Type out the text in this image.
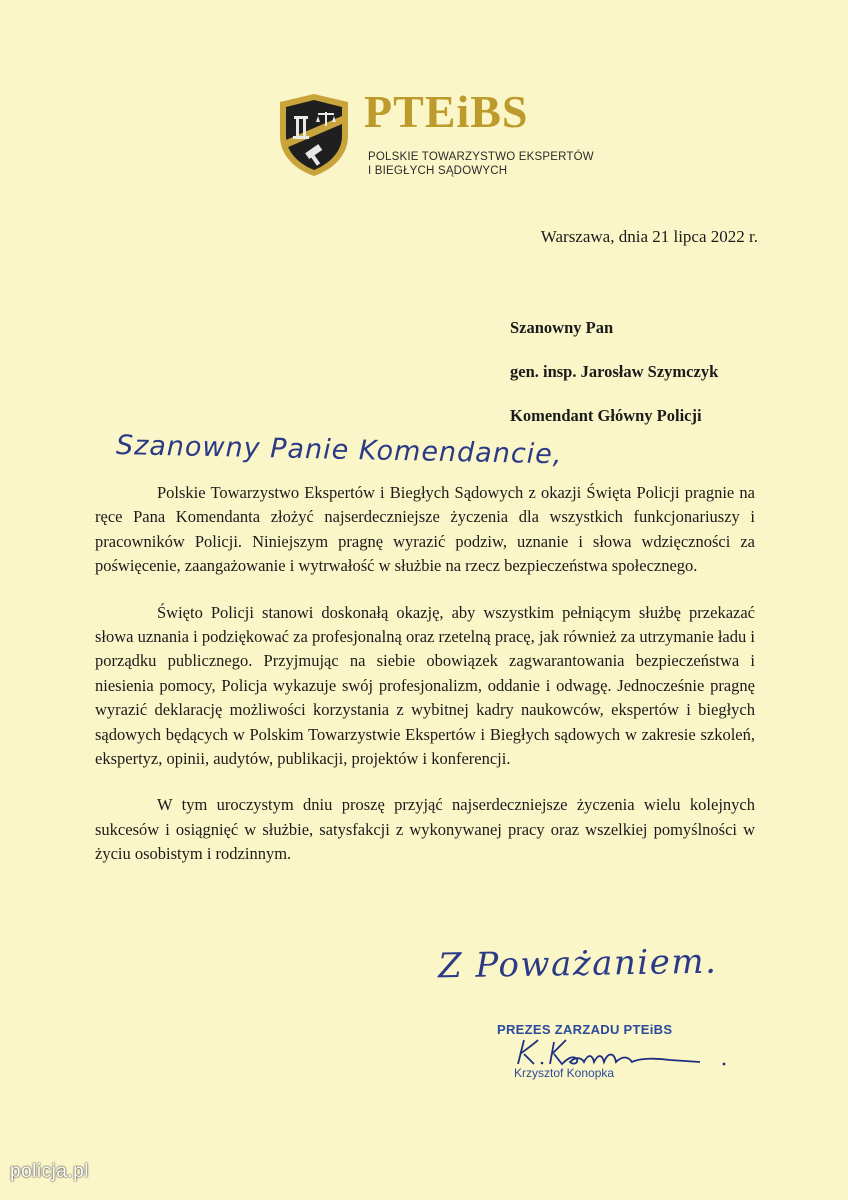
PTEiBS
POLSKIE TOWARZYSTWO EKSPERTÓW
I BIEGŁYCH SĄDOWYCH
Warszawa, dnia 21 lipca 2022 r.
Szanowny Pan
gen. insp. Jarosław Szymczyk
Komendant Główny Policji
Szanowny Panie Komendancie,

Polskie Towarzystwo Ekspertów i Biegłych Sądowych z okazji Święta Policji pragnie na ręce Pana Komendanta złożyć najserdeczniejsze życzenia dla wszystkich funkcjonariuszy i pracowników Policji. Niniejszym pragnę wyrazić podziw, uznanie i słowa wdzięczności za poświęcenie, zaangażowanie i wytrwałość w służbie na rzecz bezpieczeństwa społecznego.

Święto Policji stanowi doskonałą okazję, aby wszystkim pełniącym służbę przekazać słowa uznania i podziękować za profesjonalną oraz rzetelną pracę, jak również za utrzymanie ładu i porządku publicznego. Przyjmując na siebie obowiązek zagwarantowania bezpieczeństwa i niesienia pomocy, Policja wykazuje swój profesjonalizm, oddanie i odwagę. Jednocześnie pragnę wyrazić deklarację możliwości korzystania z wybitnej kadry naukowców, ekspertów i biegłych sądowych będących w Polskim Towarzystwie Ekspertów i Biegłych sądowych w zakresie szkoleń, ekspertyz, opinii, audytów, publikacji, projektów i konferencji.

W tym uroczystym dniu proszę przyjąć najserdeczniejsze życzenia wielu kolejnych sukcesów i osiągnięć w służbie, satysfakcji z wykonywanej pracy oraz wszelkiej pomyślności w życiu osobistym i rodzinnym.

Z Poważaniem.
PREZES ZARZADU PTEiBS
Krzysztof Konopka
policja.pl
